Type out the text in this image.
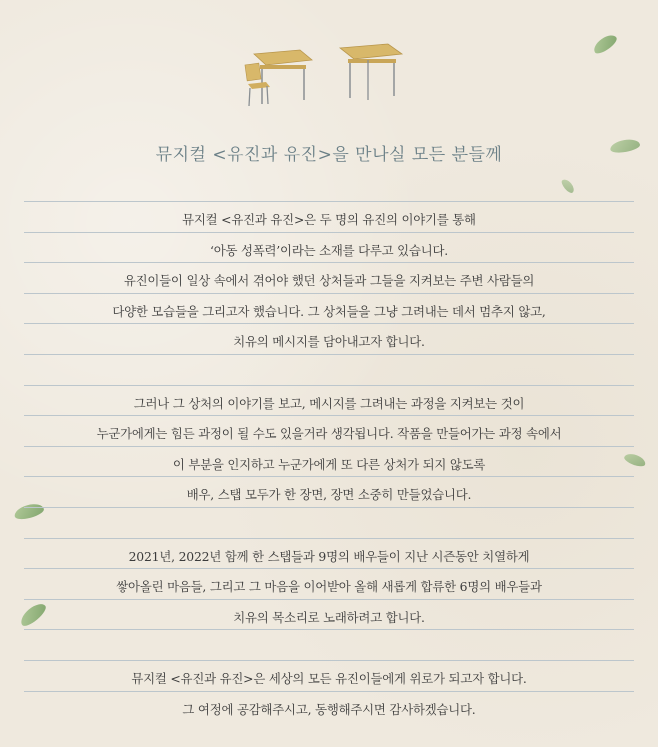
뮤지컬 <유진과 유진>을 만나실 모든 분들께
뮤지컬 <유진과 유진>은 두 명의 유진의 이야기를 통해
‘아동 성폭력’이라는 소재를 다루고 있습니다.
유진이들이 일상 속에서 겪어야 했던 상처들과 그들을 지켜보는 주변 사람들의
다양한 모습들을 그리고자 했습니다. 그 상처들을 그냥 그려내는 데서 멈추지 않고,
치유의 메시지를 담아내고자 합니다.
그러나 그 상처의 이야기를 보고, 메시지를 그려내는 과정을 지켜보는 것이
누군가에게는 힘든 과정이 될 수도 있을거라 생각됩니다. 작품을 만들어가는 과정 속에서
이 부분을 인지하고 누군가에게 또 다른 상처가 되지 않도록
배우, 스탭 모두가 한 장면, 장면 소중히 만들었습니다.
2021년, 2022년 함께 한 스탭들과 9명의 배우들이 지난 시즌동안 치열하게
쌓아올린 마음들, 그리고 그 마음을 이어받아 올해 새롭게 합류한 6명의 배우들과
치유의 목소리로 노래하려고 합니다.
뮤지컬 <유진과 유진>은 세상의 모든 유진이들에게 위로가 되고자 합니다.
그 여정에 공감해주시고, 동행해주시면 감사하겠습니다.
